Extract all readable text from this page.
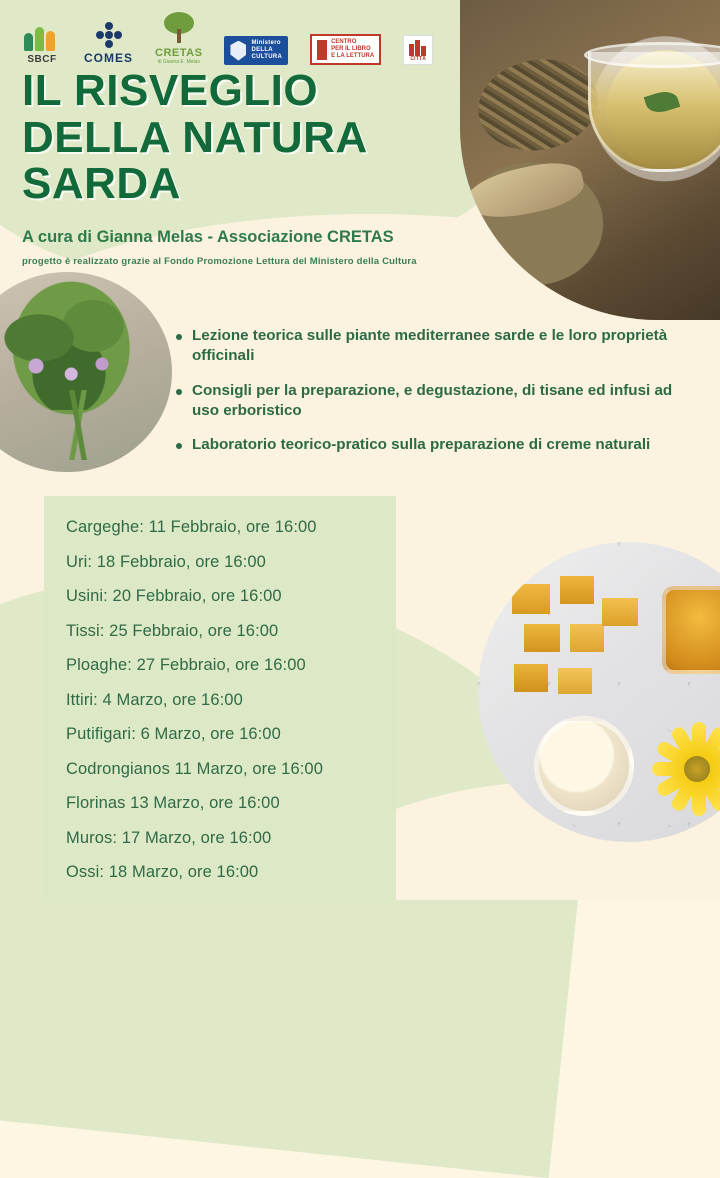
SBCF	COMES CRETAS
di Gianna E. Melas
Ministero
DELLA
CULTURA
CENTRO
PER IL LIBRO
E LA LETTURA	CITTÀ
IL RISVEGLIO DELLA NATURA SARDA
A cura di Gianna Melas - Associazione CRETAS
progetto è realizzato grazie al Fondo Promozione Lettura del Ministero della Cultura
Lezione teorica sulle piante mediterranee sarde e le loro proprietà officinali
Consigli per la preparazione, e degustazione, di tisane ed infusi ad uso erboristico
Laboratorio teorico-pratico sulla preparazione di creme naturali
Cargeghe: 11 Febbraio, ore 16:00
Uri: 18 Febbraio, ore 16:00
Usini: 20 Febbraio, ore 16:00
Tissi: 25 Febbraio, ore 16:00
Ploaghe: 27 Febbraio, ore 16:00
Ittiri: 4 Marzo, ore 16:00
Putifigari: 6 Marzo, ore 16:00
Codrongianos 11 Marzo, ore 16:00
Florinas 13 Marzo, ore 16:00
Muros: 17 Marzo, ore 16:00
Ossi: 18 Marzo, ore 16:00
